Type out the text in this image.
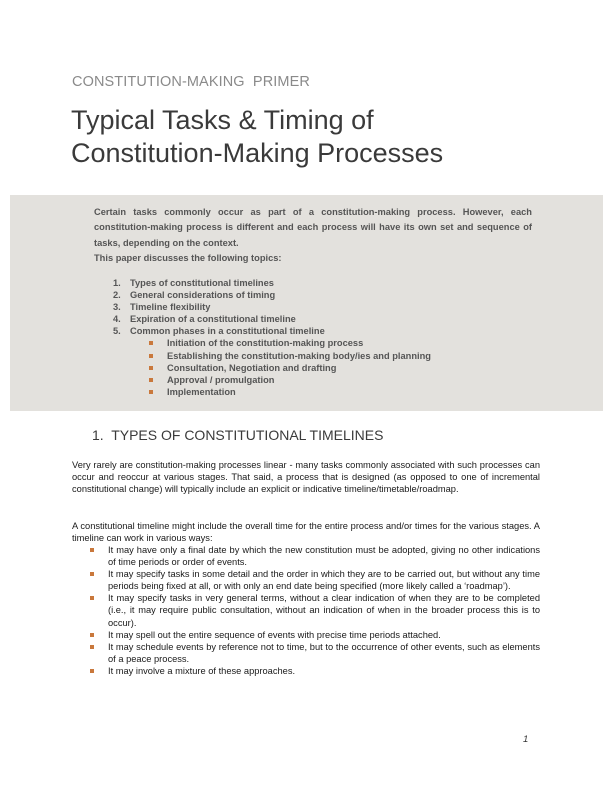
CONSTITUTION-MAKING  PRIMER
Typical Tasks & Timing of
Constitution-Making Processes

Certain tasks commonly occur as part of a constitution-making process. However, each constitution-making process is different and each process will have its own set and sequence of tasks, depending on the context.

This paper discusses the following topics:

1. Types of constitutional timelines
2. General considerations of timing
3. Timeline flexibility
4. Expiration of a constitutional timeline
5. Common phases in a constitutional timeline
Initiation of the constitution-making process
Establishing the constitution-making body/ies and planning
Consultation, Negotiation and drafting
Approval / promulgation
Implementation
1.  TYPES OF CONSTITUTIONAL TIMELINES

Very rarely are constitution-making processes linear - many tasks commonly associated with such processes can occur and reoccur at various stages. That said, a process that is designed (as opposed to one of incremental constitutional change) will typically include an explicit or indicative timeline/timetable/roadmap.

A constitutional timeline might include the overall time for the entire process and/or times for the various stages. A timeline can work in various ways:

It may have only a final date by which the new constitution must be adopted, giving no other indications of time periods or order of events.
It may specify tasks in some detail and the order in which they are to be carried out, but without any time periods being fixed at all, or with only an end date being specified (more likely called a ‘roadmap’).
It may specify tasks in very general terms, without a clear indication of when they are to be completed (i.e., it may require public consultation, without an indication of when in the broader process this is to occur).
It may spell out the entire sequence of events with precise time periods attached.
It may schedule events by reference not to time, but to the occurrence of other events, such as elements of a peace process.
It may involve a mixture of these approaches.
1
